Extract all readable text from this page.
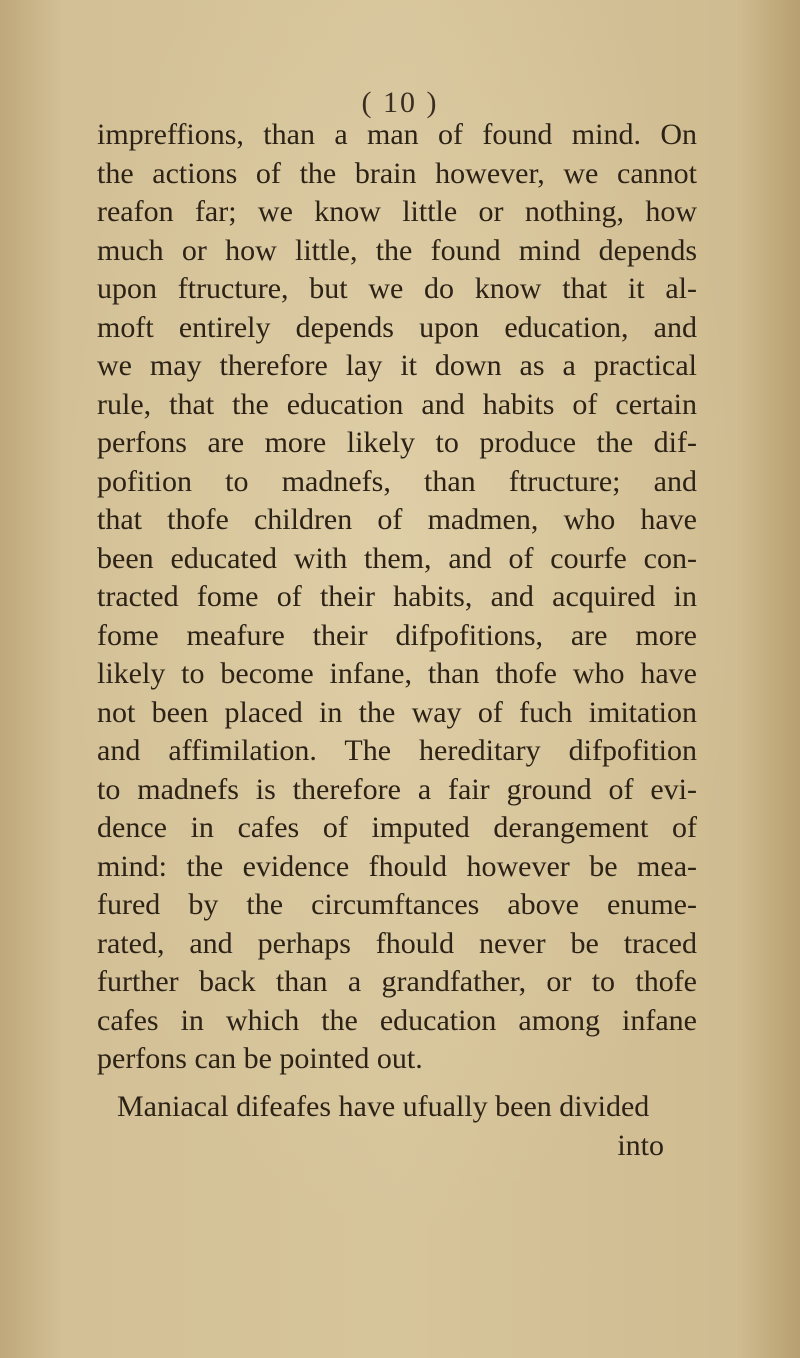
( 10 )
impreffions, than a man of found mind. On
the actions of the brain however, we cannot
reafon far; we know little or nothing, how
much or how little, the found mind depends
upon ftructure, but we do know that it al-
moft entirely depends upon education, and
we may therefore lay it down as a practical
rule, that the education and habits of certain
perfons are more likely to produce the dif-
pofition to madnefs, than ftructure; and
that thofe children of madmen, who have
been educated with them, and of courfe con-
tracted fome of their habits, and acquired in
fome meafure their difpofitions, are more
likely to become infane, than thofe who have
not been placed in the way of fuch imitation
and affimilation. The hereditary difpofition
to madnefs is therefore a fair ground of evi-
dence in cafes of imputed derangement of
mind: the evidence fhould however be mea-
fured by the circumftances above enume-
rated, and perhaps fhould never be traced
further back than a grandfather, or to thofe
cafes in which the education among infane
perfons can be pointed out.
Maniacal difeafes have ufually been divided
into
